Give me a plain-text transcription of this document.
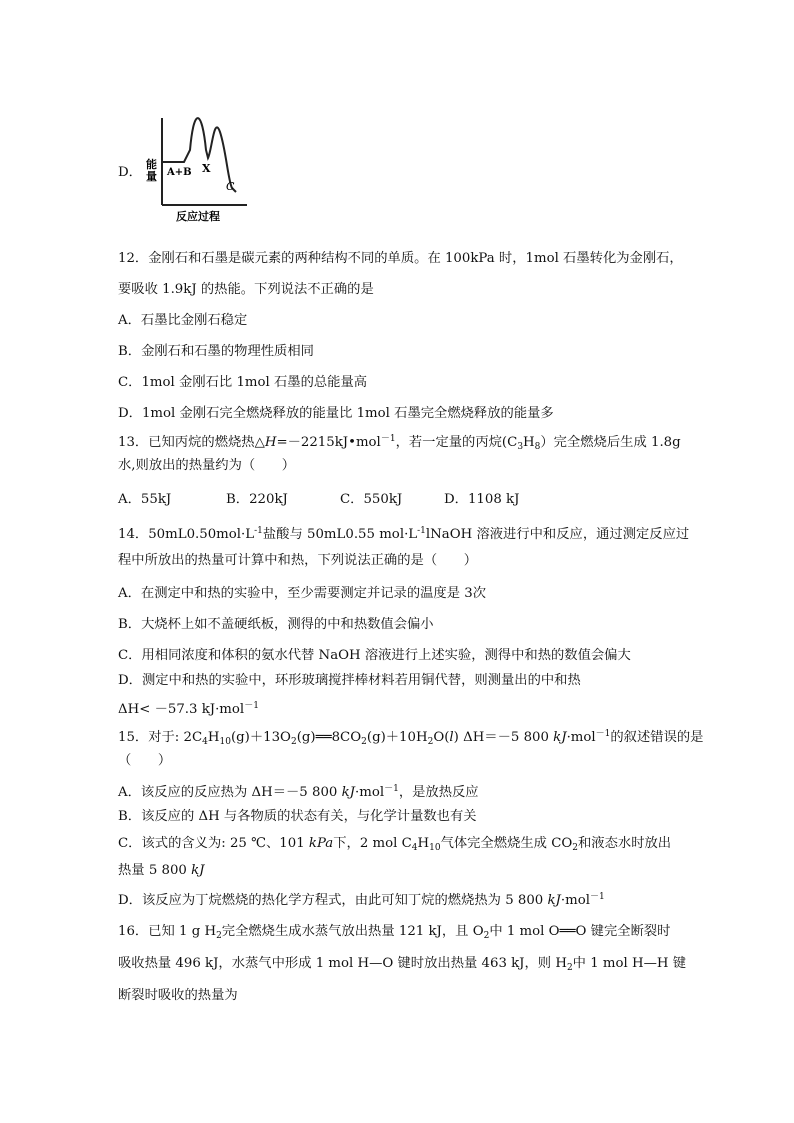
D．
能量 A+B X
C
反应过程
12．金刚石和石墨是碳元素的两种结构不同的单质。在 100kPa 时，1mol 石墨转化为金刚石，
要吸收 1.9kJ 的热能。下列说法不正确的是
A．石墨比金刚石稳定
B．金刚石和石墨的物理性质相同
C．1mol 金刚石比 1mol 石墨的总能量高
D．1mol 金刚石完全燃烧释放的能量比 1mol 石墨完全燃烧释放的能量多
13．已知丙烷的燃烧热△H=－2215kJ•mol$^{-1}$，若一定量的丙烷$(C_3H_8)$完全燃烧后生成 1.8g
水,则放出的热量约为（　　）
A．55kJ	B．220kJ	C．550kJ	D．1108 kJ
14．$50mL0.50mol\cdot L^{-1}$盐酸与 50mL0.55 $mol\cdot L^{-1}lNaOH$ 溶液进行中和反应，通过测定反应过
程中所放出的热量可计算中和热，下列说法正确的是（　　）
A．在测定中和热的实验中，至少需要测定并记录的温度是 3次
B．大烧杯上如不盖硬纸板，测得的中和热数值会偏小
C．用相同浓度和体积的氨水代替 NaOH 溶液进行上述实验，测得中和热的数值会偏大
D．测定中和热的实验中，环形玻璃搅拌棒材料若用铜代替，则测量出的中和热
ΔH< －57.3 kJ·mol$^{-1}$
15．对于: $2C_4H_{10}(g)+13O_2(g)══8CO_2(g)+10H_2O(l)$ ΔH＝－5 800 kJ·mol$^{-1}$的叙述错误的是
（　　）
A．该反应的反应热为 ΔH＝－5 800 kJ·mol$^{-1}$，是放热反应
B．该反应的 ΔH 与各物质的状态有关，与化学计量数也有关
C．该式的含义为: 25 ℃、101 kPa下，2 mol $C_4H_{10}$气体完全燃烧生成 $CO_2$和液态水时放出
热量 5 800 kJ
D．该反应为丁烷燃烧的热化学方程式，由此可知丁烷的燃烧热为 5 800 kJ·mol$^{-1}$
16．已知 1 g $H_2$完全燃烧生成水蒸气放出热量 121 kJ，且 $O_2$中 1 mol O══O 键完全断裂时
吸收热量 496 kJ，水蒸气中形成 1 mol H—O 键时放出热量 463 kJ，则 $H_2$中 1 mol H—H 键
断裂时吸收的热量为
